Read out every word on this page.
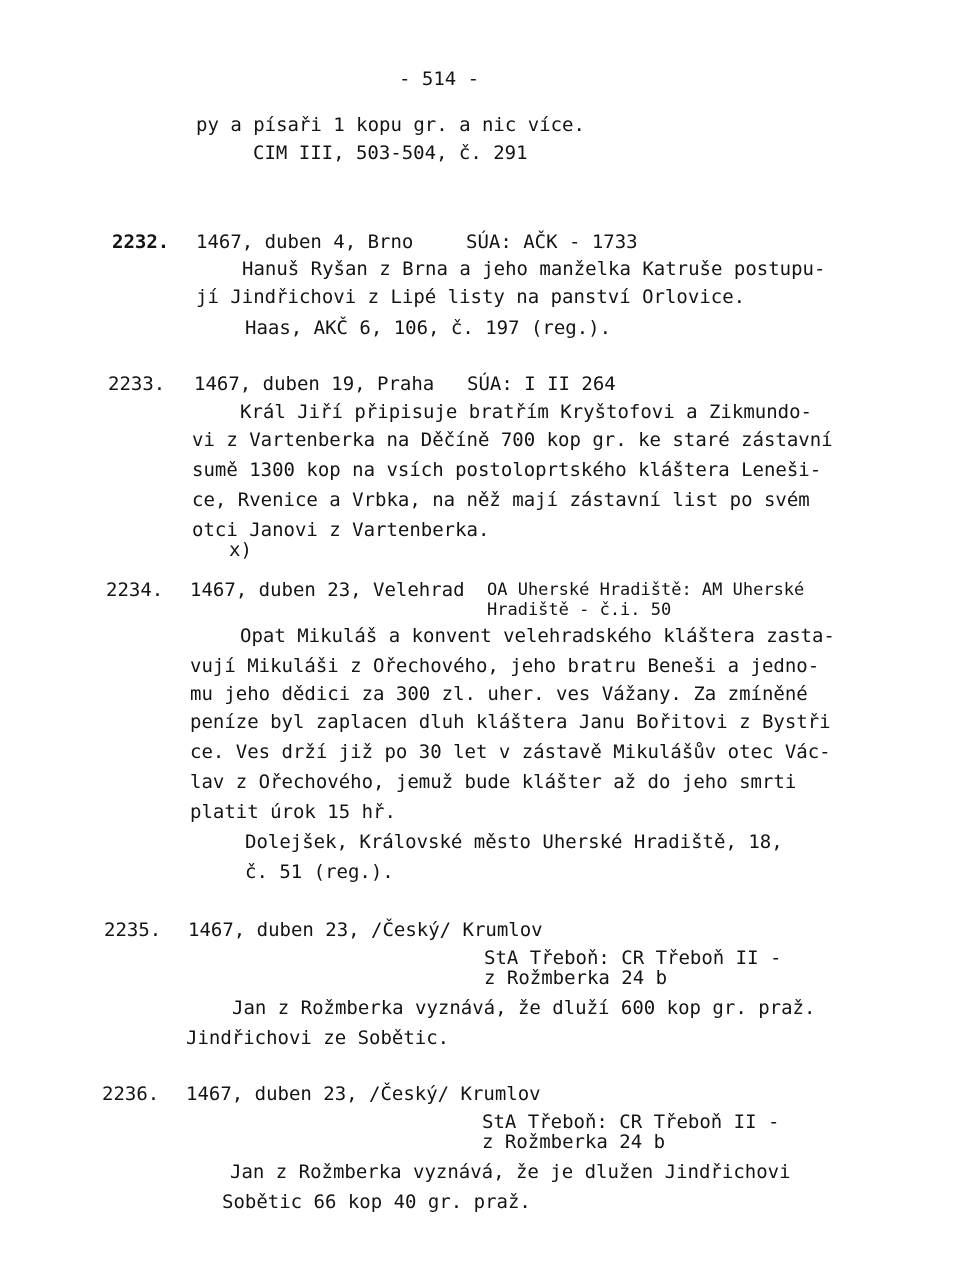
- 514 -
py a písaři 1 kopu gr. a nic více.
CIM III, 503-504, č. 291
2232. 1467, duben 4, Brno	SÚA: AČK - 1733
Hanuš Ryšan z Brna a jeho manželka Katruše postupu-
jí Jindřichovi z Lipé listy na panství Orlovice.
Haas, AKČ 6, 106, č. 197 (reg.).
2233. 1467, duben 19, Praha SÚA: I II 264
Král Jiří připisuje bratřím Kryštofovi a Zikmundo-
vi z Vartenberka na Děčíně 700 kop gr. ke staré zástavní
sumě 1300 kop na vsích postoloprtského kláštera Leneši-
ce, Rvenice a Vrbka, na něž mají zástavní list po svém
otci Janovi z Vartenberka.
x)
2234. 1467, duben 23, Velehrad OA Uherské Hradiště: AM Uherské
Hradiště - č.i. 50
Opat Mikuláš a konvent velehradského kláštera zasta-
vují Mikuláši z Ořechového, jeho bratru Beneši a jedno-
mu jeho dědici za 300 zl. uher. ves Vážany. Za zmíněné
peníze byl zaplacen dluh kláštera Janu Bořitovi z Bystři
ce. Ves drží již po 30 let v zástavě Mikulášův otec Vác-
lav z Ořechového, jemuž bude klášter až do jeho smrti
platit úrok 15 hř.
Dolejšek, Královské město Uherské Hradiště, 18,
č. 51 (reg.).
2235. 1467, duben 23, /Český/ Krumlov
StA Třeboň: CR Třeboň II -
z Rožmberka 24 b
Jan z Rožmberka vyznává, že dluží 600 kop gr. praž.
Jindřichovi ze Sobětic.
2236. 1467, duben 23, /Český/ Krumlov
StA Třeboň: CR Třeboň II -
z Rožmberka 24 b
Jan z Rožmberka vyznává, že je dlužen Jindřichovi
Sobětic 66 kop 40 gr. praž.
